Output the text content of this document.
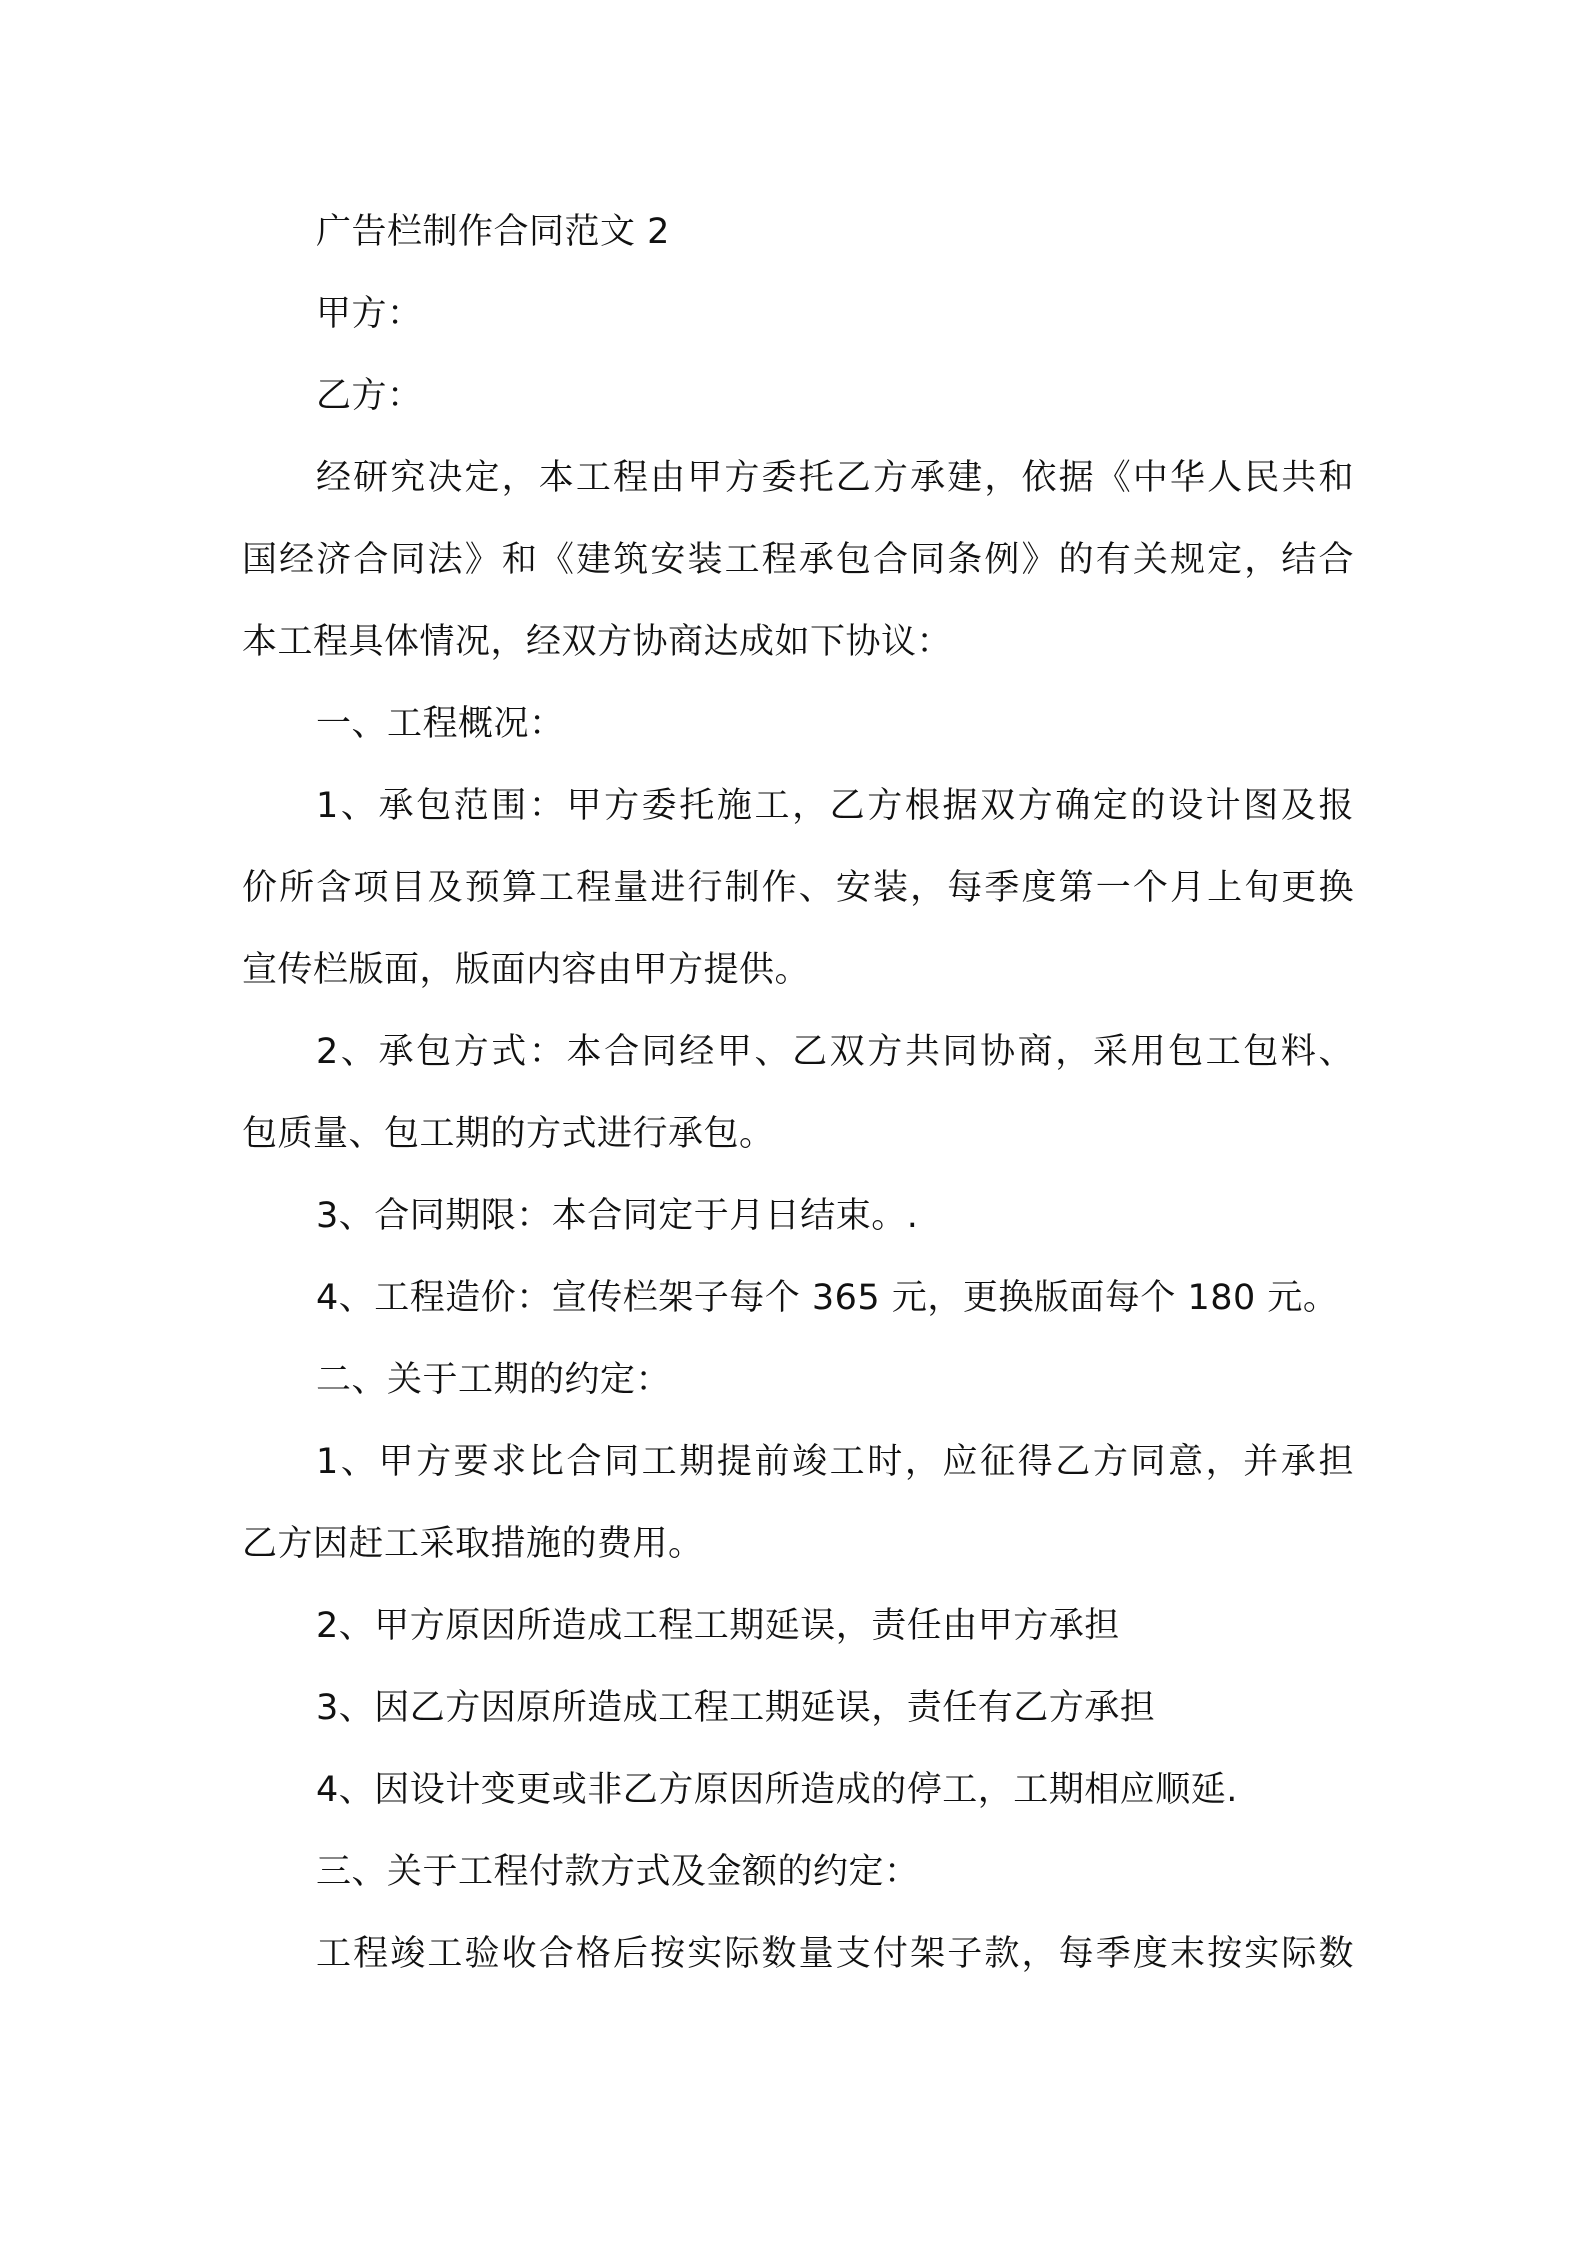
广告栏制作合同范文 2
甲方：
乙方：
经研究决定，本工程由甲方委托乙方承建，依据《中华人民共和
国经济合同法》和《建筑安装工程承包合同条例》的有关规定，结合
本工程具体情况，经双方协商达成如下协议：
一、工程概况：
1、承包范围：甲方委托施工，乙方根据双方确定的设计图及报
价所含项目及预算工程量进行制作、安装，每季度第一个月上旬更换
宣传栏版面，版面内容由甲方提供。
2、承包方式：本合同经甲、乙双方共同协商，采用包工包料、
包质量、包工期的方式进行承包。
3、合同期限：本合同定于月日结束。.
4、工程造价：宣传栏架子每个 365 元，更换版面每个 180 元。
二、关于工期的约定：
1、甲方要求比合同工期提前竣工时，应征得乙方同意，并承担
乙方因赶工采取措施的费用。
2、甲方原因所造成工程工期延误，责任由甲方承担
3、因乙方因原所造成工程工期延误，责任有乙方承担
4、因设计变更或非乙方原因所造成的停工，工期相应顺延.
三、关于工程付款方式及金额的约定：
工程竣工验收合格后按实际数量支付架子款，每季度末按实际数
